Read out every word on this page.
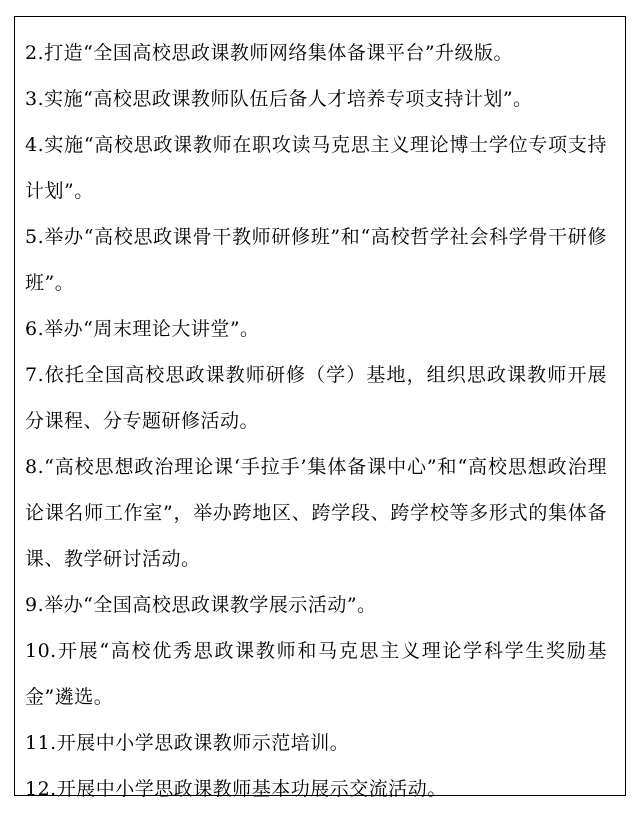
2.打造“全国高校思政课教师网络集体备课平台”升级版。

3.实施“高校思政课教师队伍后备人才培养专项支持计划”。

4.实施“高校思政课教师在职攻读马克思主义理论博士学位专项支持计划”。

5.举办“高校思政课骨干教师研修班”和“高校哲学社会科学骨干研修班”。

6.举办“周末理论大讲堂”。

7.依托全国高校思政课教师研修（学）基地，组织思政课教师开展分课程、分专题研修活动。

8.“高校思想政治理论课‘手拉手’集体备课中心”和“高校思想政治理论课名师工作室”，举办跨地区、跨学段、跨学校等多形式的集体备课、教学研讨活动。

9.举办“全国高校思政课教学展示活动”。

10.开展“高校优秀思政课教师和马克思主义理论学科学生奖励基金”遴选。

11.开展中小学思政课教师示范培训。

12.开展中小学思政课教师基本功展示交流活动。
